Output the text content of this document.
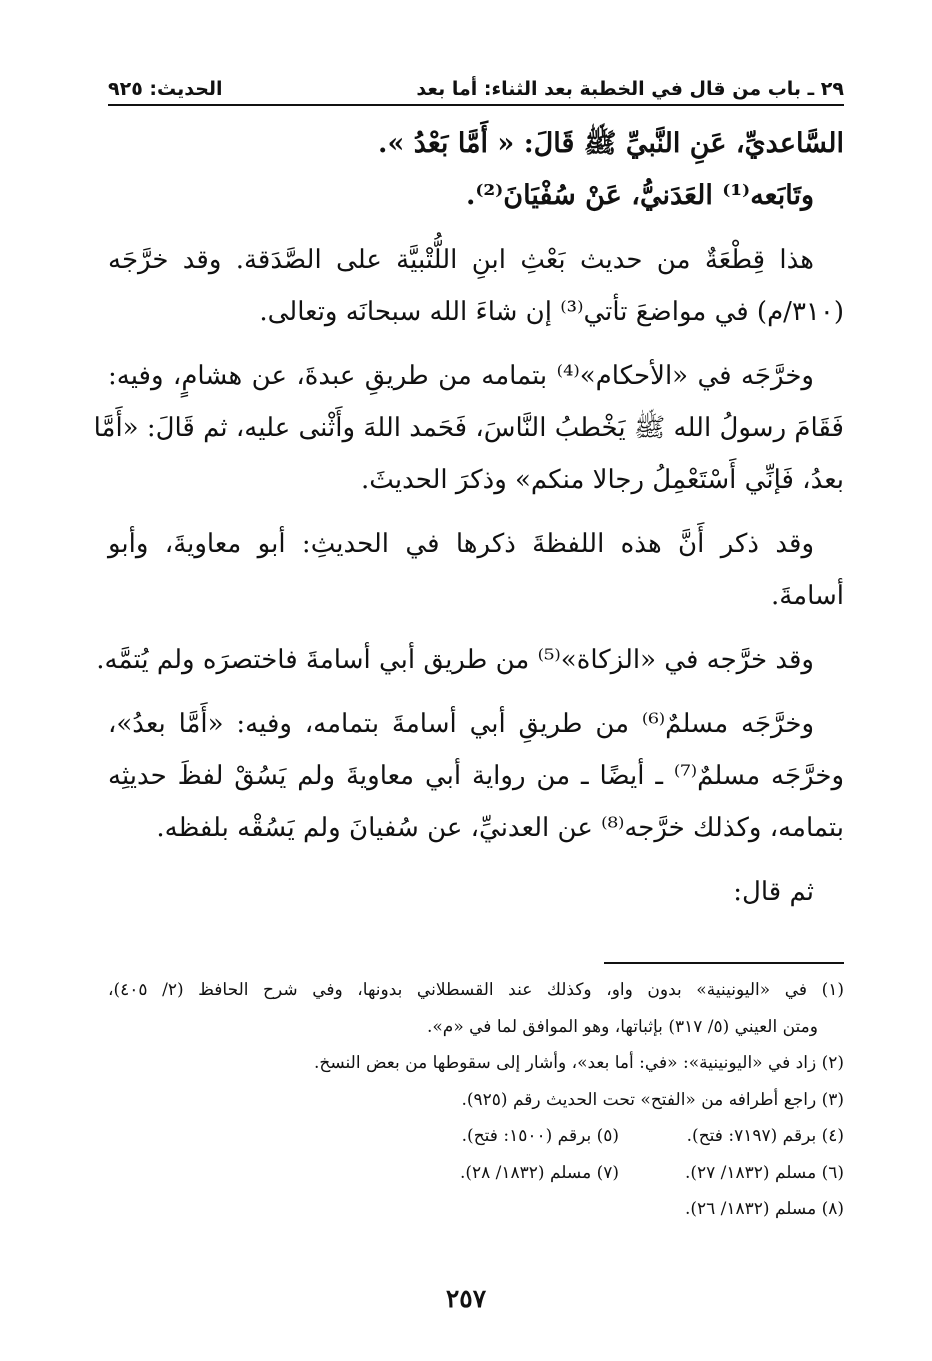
٢٩ ـ باب من قال في الخطبة بعد الثناء: أما بعد
الحديث: ٩٢٥
السَّاعديِّ، عَنِ النَّبيِّ ﷺ قَالَ: « أَمَّا بَعْدُ ».
وتَابَعه⁽¹⁾ العَدَنيُّ، عَنْ سُفْيَانَ⁽²⁾.
هذا قِطْعَةٌ من حديث بَعْثِ ابنِ اللُّتْبيَّة على الصَّدَقة. وقد خرَّجَه
(٣١٠/م) في مواضعَ تأتي⁽³⁾ إن شاءَ الله سبحانَه وتعالى.
وخرَّجَه في «الأحكام»⁽⁴⁾ بتمامه من طريقِ عبدةَ، عن هشامٍ، وفيه:
فَقَامَ رسولُ الله ﷺ يَخْطبُ النَّاسَ، فَحَمد اللهَ وأَثْنى عليه، ثم قَالَ: «أَمَّا
بعدُ، فَإنِّي أَسْتَعْمِلُ رجالا منكم» وذكرَ الحديثَ.
وقد ذكر أَنَّ هذه اللفظةَ ذكرها في الحديثِ: أبو معاويةَ، وأبو
أسامةَ.
وقد خرَّجه في «الزكاة»⁽⁵⁾ من طريق أبي أسامةَ فاختصرَه ولم يُتمَّه.
وخرَّجَه مسلمٌ⁽⁶⁾ من طريقِ أبي أسامةَ بتمامه، وفيه: «أَمَّا بعدُ»،
وخرَّجَه مسلمٌ⁽⁷⁾ ـ أيضًا ـ من رواية أبي معاويةَ ولم يَسُقْ لفظَ حديثِه
بتمامه، وكذلك خرَّجه⁽⁸⁾ عن العدنيِّ، عن سُفيانَ ولم يَسُقْه بلفظه.
ثم قال:
(١) في «اليونينية» بدون واو، وكذلك عند القسطلاني بدونها، وفي شرح الحافظ (٢/ ٤٠٥)،
ومتن العيني (٥/ ٣١٧) بإثباتها، وهو الموافق لما في «م».
(٢) زاد في «اليونينية»: «في: أما بعد»، وأشار إلى سقوطها من بعض النسخ.
(٣) راجع أطرافه من «الفتح» تحت الحديث رقم (٩٢٥).
(٤) برقم (٧١٩٧: فتح).
(٥) برقم (١٥٠٠: فتح).
(٦) مسلم (١٨٣٢/ ٢٧).
(٧) مسلم (١٨٣٢/ ٢٨).
(٨) مسلم (١٨٣٢/ ٢٦).
٢٥٧
